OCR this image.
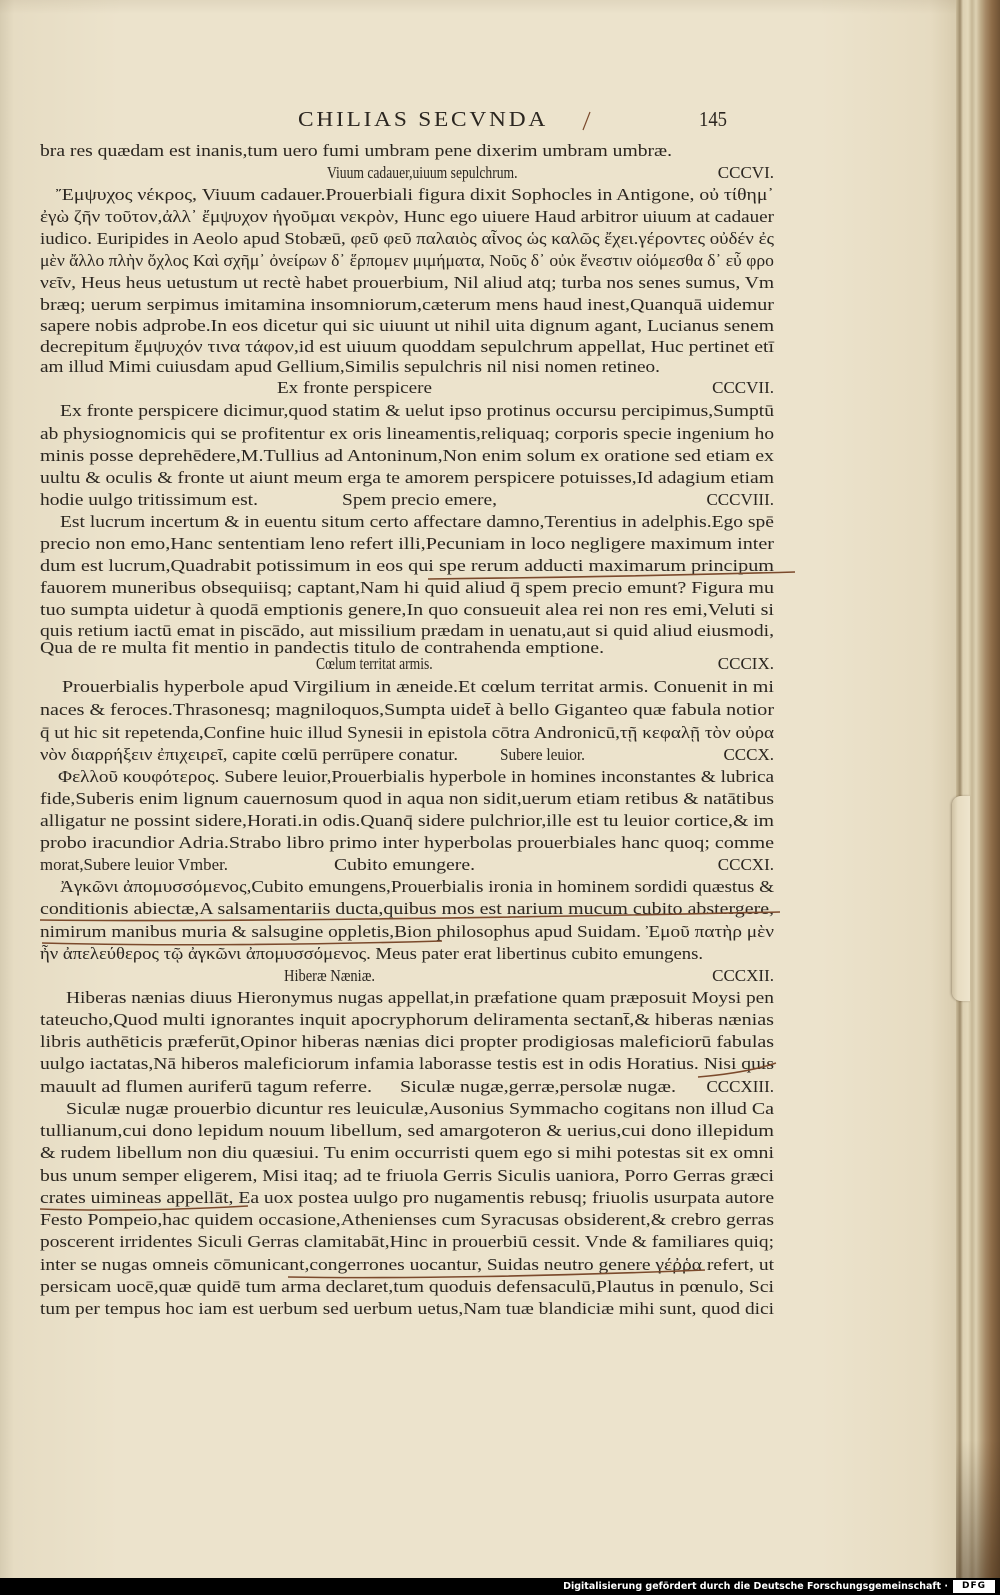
CHILIAS SECVNDA	145
bra res quædam est inanis,tum uero fumi umbram pene dixerim umbram umbræ.
Viuum cadauer,uiuum sepulchrum.	CCCVI.
Ἔμψυχος νέκρος, Viuum cadauer.Prouerbiali figura dixit Sophocles in Antigone, οὐ τίθημ᾽
ἐγὼ ζῆν τοῦτον,ἀλλ᾽ ἔμψυχον ἡγοῦμαι νεκρὸν, Hunc ego uiuere Haud arbitror uiuum at cadauer
iudico. Euripides in Aeolo apud Stobæū, φεῦ φεῦ παλαιὸς αἶνος ὡς καλῶς ἔχει.γέροντες οὐδέν ἐς
μὲν ἄλλο πλὴν ὄχλος Καὶ σχῆμ᾽ ὀνείρων δ᾽ ἕρπομεν μιμήματα, Νοῦς δ᾽ οὐκ ἔνεστιν οἰόμεσθα δ᾽ εὖ φρο
νεῖν, Heus heus uetustum ut rectè habet prouerbium, Nil aliud atq; turba nos senes sumus, Vm
bræq; uerum serpimus imitamina insomniorum,cæterum mens haud inest,Quanquā uidemur
sapere nobis adprobe.In eos dicetur qui sic uiuunt ut nihil uita dignum agant, Lucianus senem
decrepitum ἔμψυχόν τινα τάφον,id est uiuum quoddam sepulchrum appellat, Huc pertinet etī
am illud Mimi cuiusdam apud Gellium,Similis sepulchris nil nisi nomen retineo.
Ex fronte perspicere	CCCVII.
Ex fronte perspicere dicimur,quod statim & uelut ipso protinus occursu percipimus,Sumptū
ab physiognomicis qui se profitentur ex oris lineamentis,reliquaq; corporis specie ingenium ho
minis posse deprehēdere,M.Tullius ad Antoninum,Non enim solum ex oratione sed etiam ex
uultu & oculis & fronte ut aiunt meum erga te amorem perspicere potuisses,Id adagium etiam
hodie uulgo tritissimum est.	Spem precio emere,	CCCVIII.
Est lucrum incertum & in euentu situm certo affectare damno,Terentius in adelphis.Ego spē
precio non emo,Hanc sententiam leno refert illi,Pecuniam in loco negligere maximum inter
dum est lucrum,Quadrabit potissimum in eos qui spe rerum adducti maximarum principum
fauorem muneribus obsequiisq; captant,Nam hi quid aliud q̄ spem precio emunt? Figura mu
tuo sumpta uidetur à quodā emptionis genere,In quo consueuit alea rei non res emi,Veluti si
quis retium iactū emat in piscādo, aut missilium prædam in uenatu,aut si quid aliud eiusmodi,
Qua de re multa fit mentio in pandectis titulo de contrahenda emptione.
Cœlum territat armis.	CCCIX.
Prouerbialis hyperbole apud Virgilium in æneide.Et cœlum territat armis. Conuenit in mi
naces & feroces.Thrasonesq; magniloquos,Sumpta uidet̄ à bello Giganteo quæ fabula notior
q̄ ut hic sit repetenda,Confine huic illud Synesii in epistola cōtra Andronicū,τῇ κεφαλῇ τὸν οὐρα
νὸν διαρρήξειν ἐπιχειρεῖ, capite cœlū perrūpere conatur. Subere leuior.	CCCX.
Φελλοῦ κουφότερος. Subere leuior,Prouerbialis hyperbole in homines inconstantes & lubrica
fide,Suberis enim lignum cauernosum quod in aqua non sidit,uerum etiam retibus & natātibus
alligatur ne possint sidere,Horati.in odis.Quanq̄ sidere pulchrior,ille est tu leuior cortice,& im
probo iracundior Adria.Strabo libro primo inter hyperbolas prouerbiales hanc quoq; comme
morat,Subere leuior Vmber.	Cubito emungere.	CCCXI.
Ἀγκῶνι ἀπομυσσόμενος,Cubito emungens,Prouerbialis ironia in hominem sordidi quæstus &
conditionis abiectæ,A salsamentariis ducta,quibus mos est narium mucum cubito abstergere,
nimirum manibus muria & salsugine oppletis,Bion philosophus apud Suidam. Ἐμοῦ πατὴρ μὲν
ἦν ἀπελεύθερος τῷ ἀγκῶνι ἀπομυσσόμενος. Meus pater erat libertinus cubito emungens.
Hiberæ Næniæ.	CCCXII.
Hiberas nænias diuus Hieronymus nugas appellat,in præfatione quam præposuit Moysi pen
tateucho,Quod multi ignorantes inquit apocryphorum deliramenta sectant̄,& hiberas nænias
libris authēticis præferūt,Opinor hiberas nænias dici propter prodigiosas maleficiorū fabulas
uulgo iactatas,Nā hiberos maleficiorum infamia laborasse testis est in odis Horatius. Nisi quis
mauult ad flumen auriferū tagum referre. Siculæ nugæ,gerræ,persolæ nugæ. CCCXIII.
Siculæ nugæ prouerbio dicuntur res leuiculæ,Ausonius Symmacho cogitans non illud Ca
tullianum,cui dono lepidum nouum libellum, sed amargoteron & uerius,cui dono illepidum
& rudem libellum non diu quæsiui. Tu enim occurristi quem ego si mihi potestas sit ex omni
bus unum semper eligerem, Misi itaq; ad te friuola Gerris Siculis uaniora, Porro Gerras græci
crates uimineas appellāt, Ea uox postea uulgo pro nugamentis rebusq; friuolis usurpata autore
Festo Pompeio,hac quidem occasione,Athenienses cum Syracusas obsiderent,& crebro gerras
poscerent irridentes Siculi Gerras clamitabāt,Hinc in prouerbiū cessit. Vnde & familiares quiq;
inter se nugas omneis cōmunicant,congerrones uocantur, Suidas neutro genere γέῤῥα refert, ut
persicam uocē,quæ quidē tum arma declaret,tum quoduis defensaculū,Plautus in pœnulo, Sci
tum per tempus hoc iam est uerbum sed uerbum uetus,Nam tuæ blandiciæ mihi sunt, quod dici
Digitalisierung gefördert durch die Deutsche Forschungsgemeinschaft ·	DFG
